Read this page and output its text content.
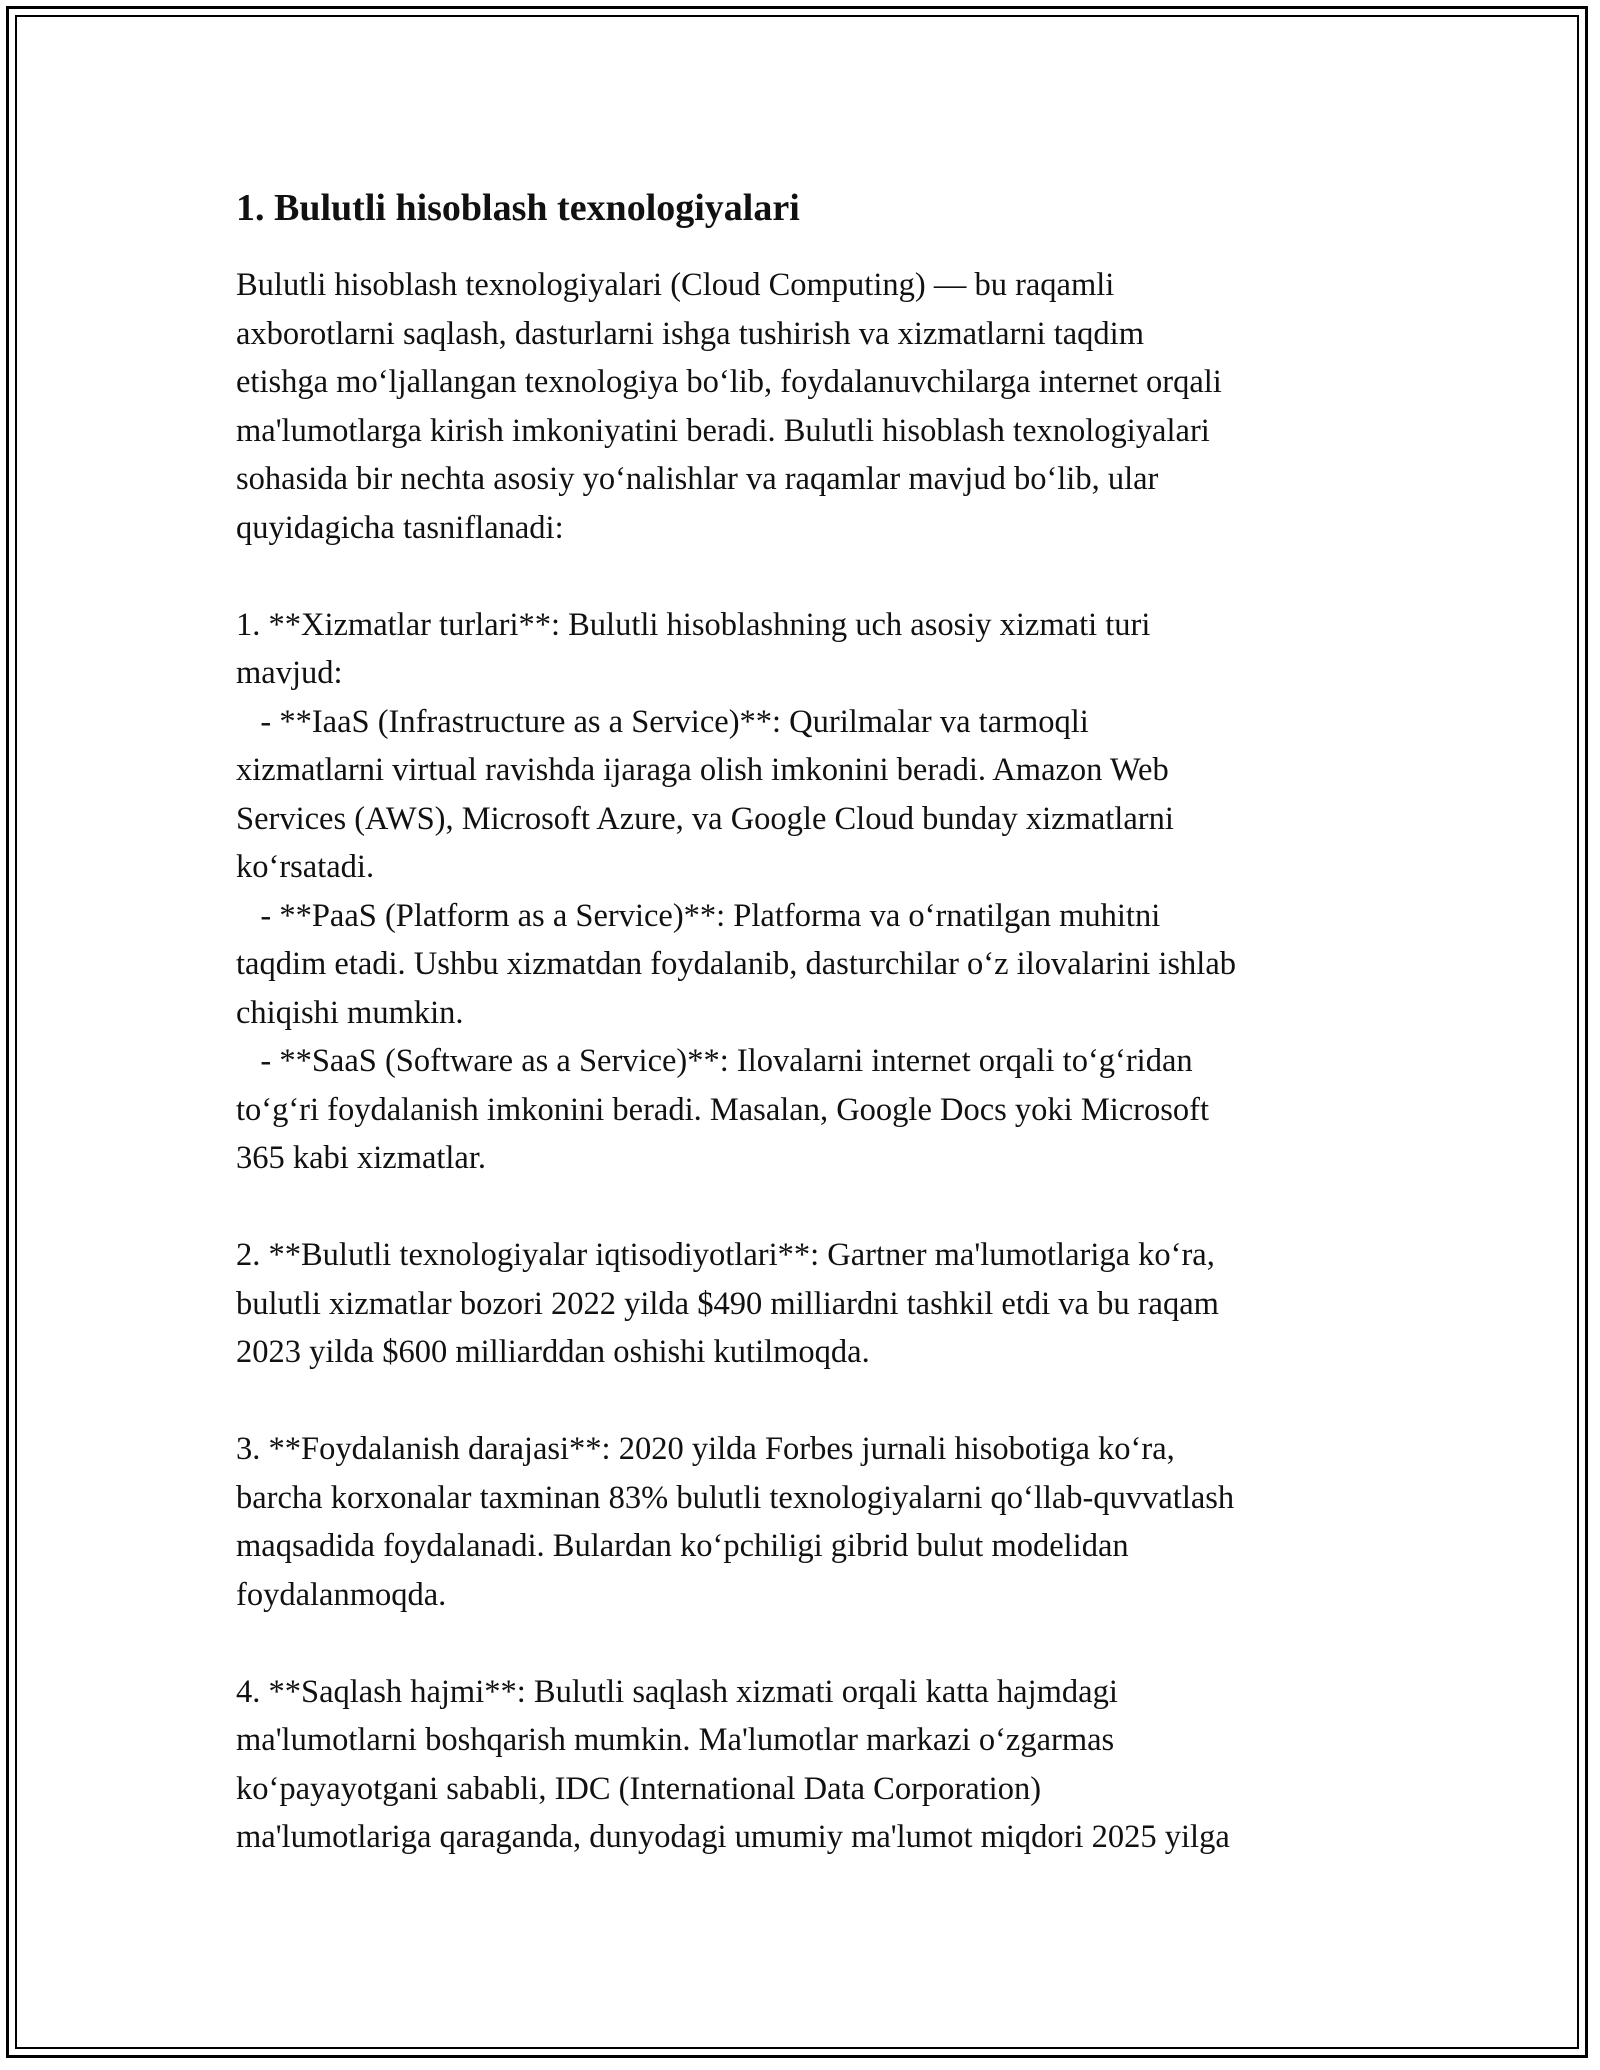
1. Bulutli hisoblash texnologiyalari
Bulutli hisoblash texnologiyalari (Cloud Computing) — bu raqamli
axborotlarni saqlash, dasturlarni ishga tushirish va xizmatlarni taqdim
etishga mo‘ljallangan texnologiya bo‘lib, foydalanuvchilarga internet orqali
ma'lumotlarga kirish imkoniyatini beradi. Bulutli hisoblash texnologiyalari
sohasida bir nechta asosiy yo‘nalishlar va raqamlar mavjud bo‘lib, ular
quyidagicha tasniflanadi:
1. **Xizmatlar turlari**: Bulutli hisoblashning uch asosiy xizmati turi
mavjud:
- **IaaS (Infrastructure as a Service)**: Qurilmalar va tarmoqli
xizmatlarni virtual ravishda ijaraga olish imkonini beradi. Amazon Web
Services (AWS), Microsoft Azure, va Google Cloud bunday xizmatlarni
ko‘rsatadi.
- **PaaS (Platform as a Service)**: Platforma va o‘rnatilgan muhitni
taqdim etadi. Ushbu xizmatdan foydalanib, dasturchilar o‘z ilovalarini ishlab
chiqishi mumkin.
- **SaaS (Software as a Service)**: Ilovalarni internet orqali to‘g‘ridan
to‘g‘ri foydalanish imkonini beradi. Masalan, Google Docs yoki Microsoft
365 kabi xizmatlar.
2. **Bulutli texnologiyalar iqtisodiyotlari**: Gartner ma'lumotlariga ko‘ra,
bulutli xizmatlar bozori 2022 yilda $490 milliardni tashkil etdi va bu raqam
2023 yilda $600 milliarddan oshishi kutilmoqda.
3. **Foydalanish darajasi**: 2020 yilda Forbes jurnali hisobotiga ko‘ra,
barcha korxonalar taxminan 83% bulutli texnologiyalarni qo‘llab-quvvatlash
maqsadida foydalanadi. Bulardan ko‘pchiligi gibrid bulut modelidan
foydalanmoqda.
4. **Saqlash hajmi**: Bulutli saqlash xizmati orqali katta hajmdagi
ma'lumotlarni boshqarish mumkin. Ma'lumotlar markazi o‘zgarmas
ko‘payayotgani sababli, IDC (International Data Corporation)
ma'lumotlariga qaraganda, dunyodagi umumiy ma'lumot miqdori 2025 yilga
